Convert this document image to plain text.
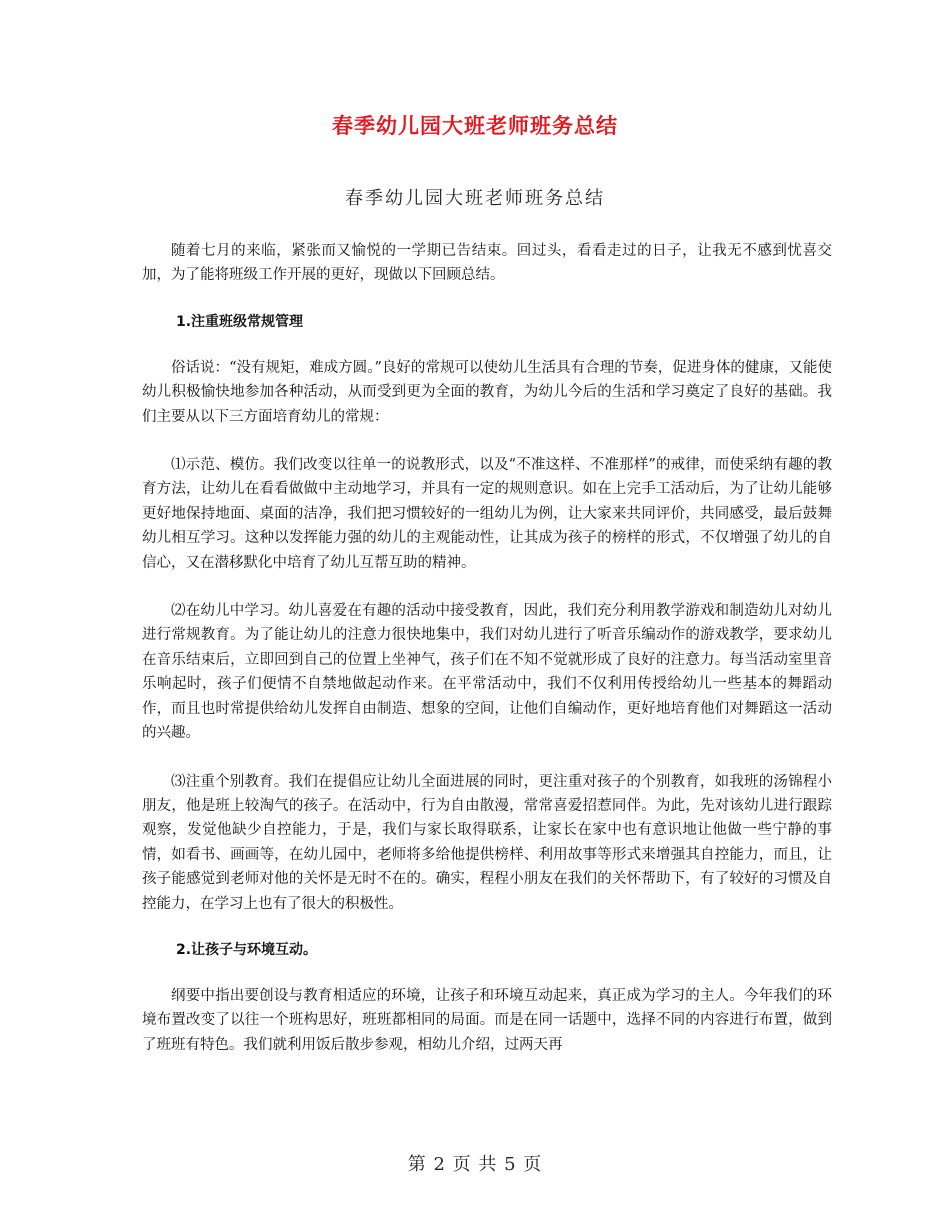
春季幼儿园大班老师班务总结
春季幼儿园大班老师班务总结

随着七月的来临，紧张而又愉悦的一学期已告结束。回过头，看看走过的日子，让我无不感到忧喜交加，为了能将班级工作开展的更好，现做以下回顾总结。

1.注重班级常规管理

俗话说：“没有规矩，难成方圆。”良好的常规可以使幼儿生活具有合理的节奏，促进身体的健康，又能使幼儿积极愉快地参加各种活动，从而受到更为全面的教育，为幼儿今后的生活和学习奠定了良好的基础。我们主要从以下三方面培育幼儿的常规：

⑴示范、模仿。我们改变以往单一的说教形式，以及“不准这样、不准那样”的戒律，而使采纳有趣的教育方法，让幼儿在看看做做中主动地学习，并具有一定的规则意识。如在上完手工活动后，为了让幼儿能够更好地保持地面、桌面的洁净，我们把习惯较好的一组幼儿为例，让大家来共同评价，共同感受，最后鼓舞幼儿相互学习。这种以发挥能力强的幼儿的主观能动性，让其成为孩子的榜样的形式，不仅增强了幼儿的自信心，又在潜移默化中培育了幼儿互帮互助的精神。

⑵在幼儿中学习。幼儿喜爱在有趣的活动中接受教育，因此，我们充分利用教学游戏和制造幼儿对幼儿进行常规教育。为了能让幼儿的注意力很快地集中，我们对幼儿进行了听音乐编动作的游戏教学，要求幼儿在音乐结束后，立即回到自己的位置上坐神气，孩子们在不知不觉就形成了良好的注意力。每当活动室里音乐响起时，孩子们便情不自禁地做起动作来。在平常活动中，我们不仅利用传授给幼儿一些基本的舞蹈动作，而且也时常提供给幼儿发挥自由制造、想象的空间，让他们自编动作，更好地培育他们对舞蹈这一活动的兴趣。

⑶注重个别教育。我们在提倡应让幼儿全面进展的同时，更注重对孩子的个别教育，如我班的汤锦程小朋友，他是班上较淘气的孩子。在活动中，行为自由散漫，常常喜爱招惹同伴。为此，先对该幼儿进行跟踪观察，发觉他缺少自控能力，于是，我们与家长取得联系，让家长在家中也有意识地让他做一些宁静的事情，如看书、画画等，在幼儿园中，老师将多给他提供榜样、利用故事等形式来增强其自控能力，而且，让孩子能感觉到老师对他的关怀是无时不在的。确实，程程小朋友在我们的关怀帮助下，有了较好的习惯及自控能力，在学习上也有了很大的积极性。

2.让孩子与环境互动。

纲要中指出要创设与教育相适应的环境，让孩子和环境互动起来，真正成为学习的主人。今年我们的环境布置改变了以往一个班构思好，班班都相同的局面。而是在同一话题中，选择不同的内容进行布置，做到了班班有特色。我们就利用饭后散步参观，相幼儿介绍，过两天再

第 2 页 共 5 页
